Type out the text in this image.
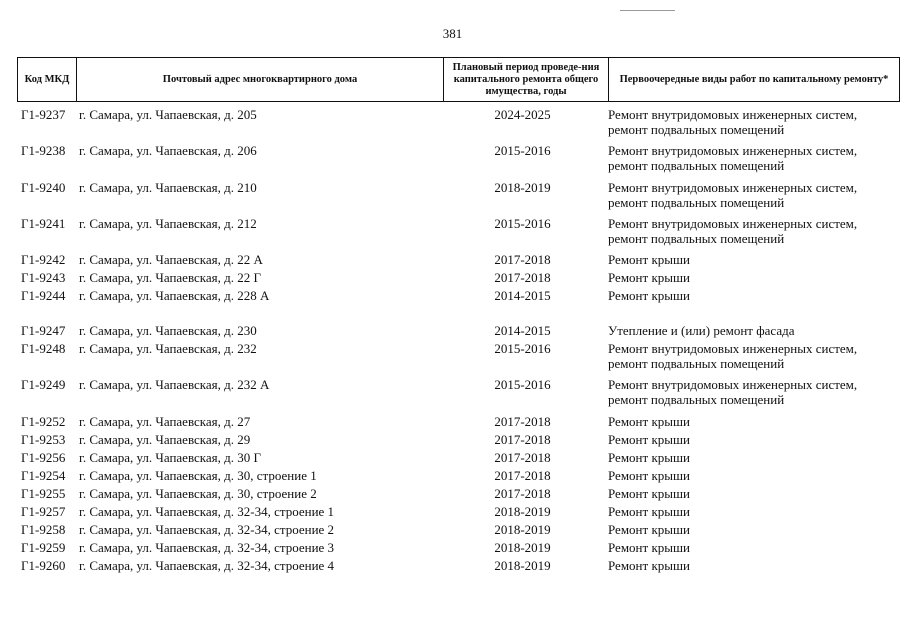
381
Код МКД	Почтовый адрес многоквартирного дома	Плановый период проведе-ния капитального ремонта общего имущества, годы	Первоочередные виды работ по капитальному ремонту*
Г1-9237 г. Самара, ул. Чапаевская, д. 205	2024-2025	Ремонт внутридомовых инженерных систем,
ремонт подвальных помещений
Г1-9238 г. Самара, ул. Чапаевская, д. 206	2015-2016	Ремонт внутридомовых инженерных систем,
ремонт подвальных помещений
Г1-9240 г. Самара, ул. Чапаевская, д. 210	2018-2019	Ремонт внутридомовых инженерных систем,
ремонт подвальных помещений
Г1-9241 г. Самара, ул. Чапаевская, д. 212	2015-2016	Ремонт внутридомовых инженерных систем,
ремонт подвальных помещений
Г1-9242 г. Самара, ул. Чапаевская, д. 22 А	2017-2018	Ремонт крыши
Г1-9243 г. Самара, ул. Чапаевская, д. 22 Г	2017-2018	Ремонт крыши
Г1-9244 г. Самара, ул. Чапаевская, д. 228 А	2014-2015	Ремонт крыши
Г1-9247 г. Самара, ул. Чапаевская, д. 230	2014-2015	Утепление и (или) ремонт фасада
Г1-9248 г. Самара, ул. Чапаевская, д. 232	2015-2016	Ремонт внутридомовых инженерных систем,
ремонт подвальных помещений
Г1-9249 г. Самара, ул. Чапаевская, д. 232 А	2015-2016	Ремонт внутридомовых инженерных систем,
ремонт подвальных помещений
Г1-9252 г. Самара, ул. Чапаевская, д. 27	2017-2018	Ремонт крыши
Г1-9253 г. Самара, ул. Чапаевская, д. 29	2017-2018	Ремонт крыши
Г1-9256 г. Самара, ул. Чапаевская, д. 30 Г	2017-2018	Ремонт крыши
Г1-9254 г. Самара, ул. Чапаевская, д. 30, строение 1	2017-2018	Ремонт крыши
Г1-9255 г. Самара, ул. Чапаевская, д. 30, строение 2	2017-2018	Ремонт крыши
Г1-9257 г. Самара, ул. Чапаевская, д. 32-34, строение 1	2018-2019	Ремонт крыши
Г1-9258 г. Самара, ул. Чапаевская, д. 32-34, строение 2	2018-2019	Ремонт крыши
Г1-9259 г. Самара, ул. Чапаевская, д. 32-34, строение 3	2018-2019	Ремонт крыши
Г1-9260 г. Самара, ул. Чапаевская, д. 32-34, строение 4	2018-2019	Ремонт крыши
